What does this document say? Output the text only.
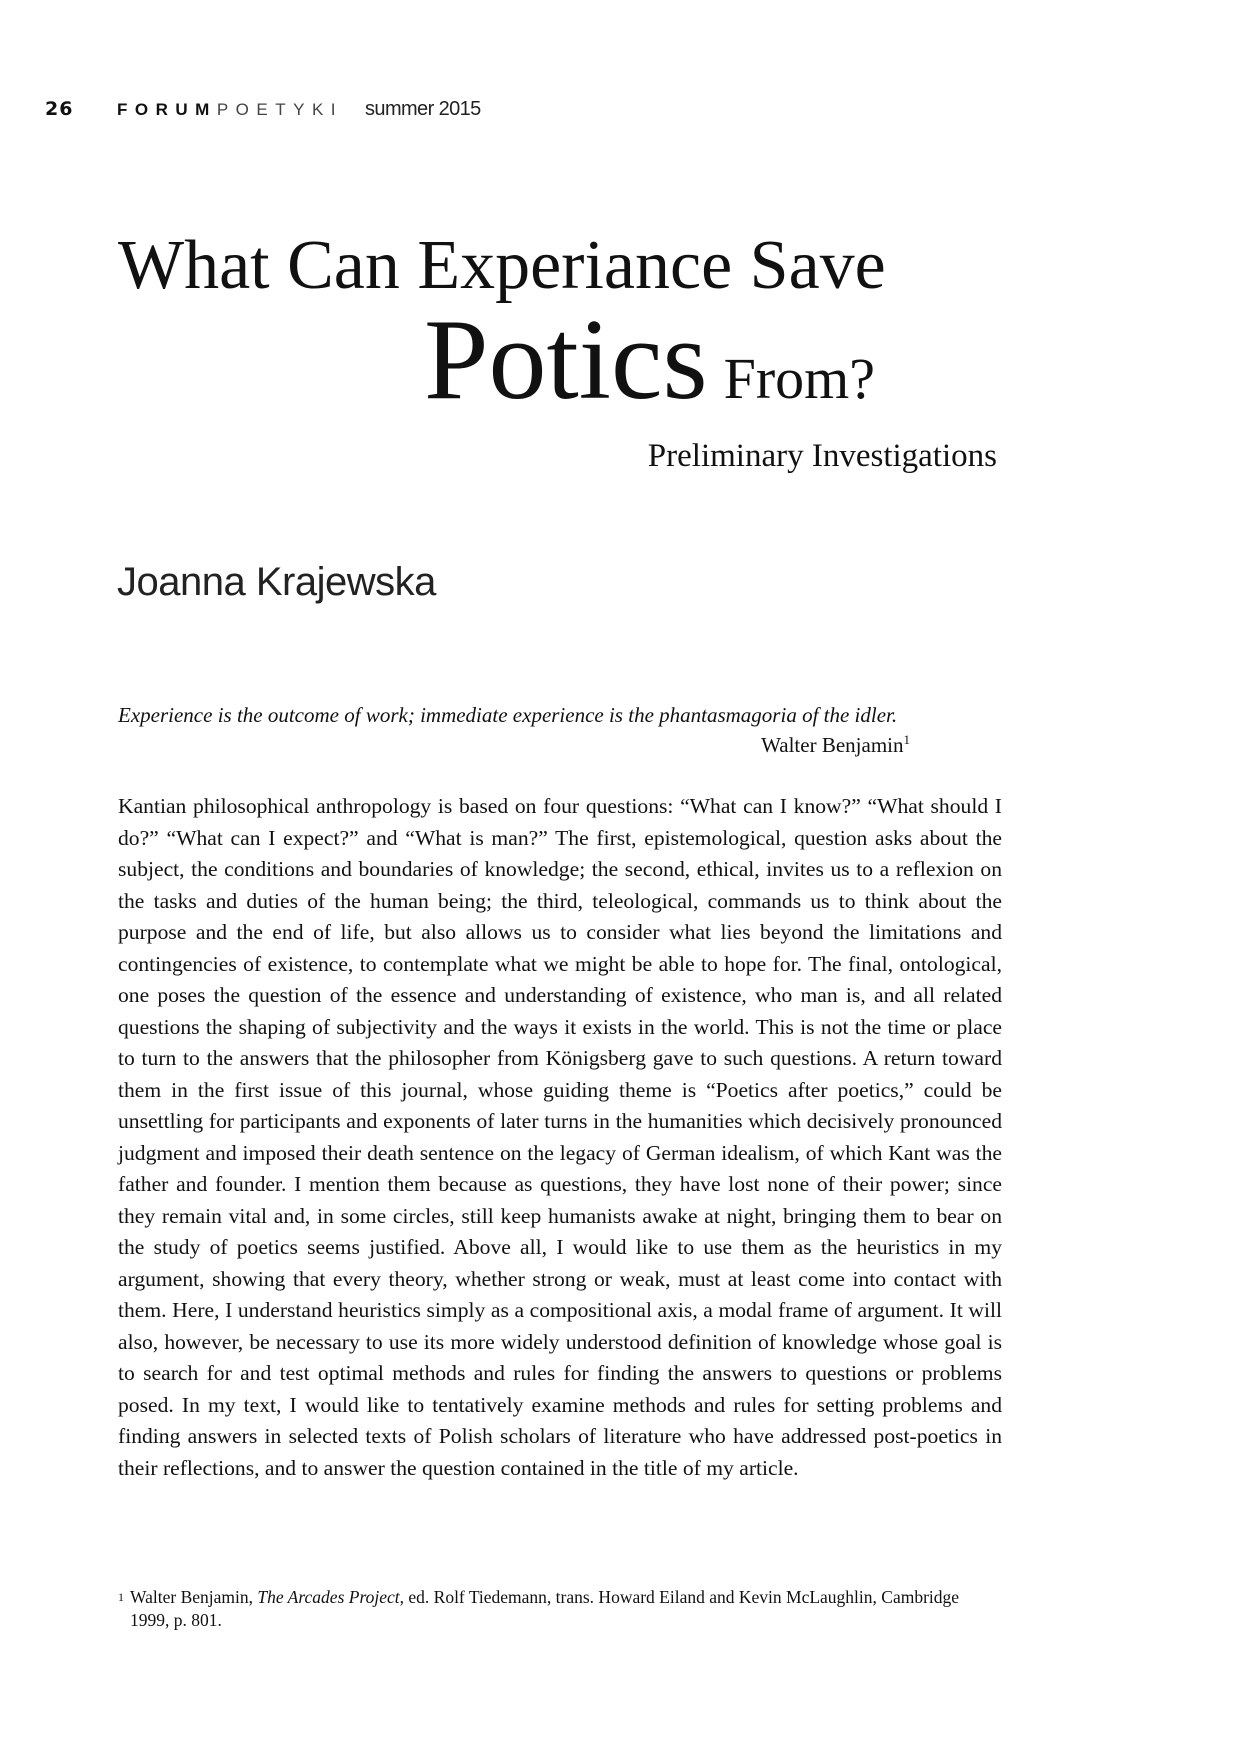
26	FORUM POETYKI summer 2015
What Can Experiance Save
Potics From?
Preliminary Investigations
Joanna Krajewska
Experience is the outcome of work; immediate experience is the phantasmagoria of the idler.
Walter Benjamin$^1$

Kantian philosophical anthropology is based on four questions: “What can I know?” “What should I do?” “What can I expect?” and “What is man?” The first, epistemological, question asks about the subject, the conditions and boundaries of knowledge; the second, ethical, invites us to a reflexion on the tasks and duties of the human being; the third, teleological, commands us to think about the purpose and the end of life, but also allows us to consider what lies beyond the limitations and contingencies of existence, to contemplate what we might be able to hope for. The final, ontological, one poses the question of the essence and understanding of existence, who man is, and all related questions the shaping of subjectivity and the ways it exists in the world. This is not the time or place to turn to the answers that the philosopher from Königsberg gave to such questions. A return toward them in the first issue of this journal, whose guiding theme is “Poetics after poetics,” could be unsettling for participants and exponents of later turns in the humanities which decisively pronounced judgment and imposed their death sentence on the legacy of German idealism, of which Kant was the father and founder. I mention them because as questions, they have lost none of their power; since they remain vital and, in some circles, still keep humanists awake at night, bringing them to bear on the study of poetics seems justified. Above all, I would like to use them as the heuristics in my argument, showing that every theory, whether strong or weak, must at least come into contact with them. Here, I understand heuristics simply as a compositional axis, a modal frame of argument. It will also, however, be necessary to use its more widely understood definition of knowledge whose goal is to search for and test optimal methods and rules for finding the answers to questions or problems posed. In my text, I would like to tentatively examine methods and rules for setting problems and finding answers in selected texts of Polish scholars of literature who have addressed post-poetics in their reflections, and to answer the question contained in the title of my article.

1 Walter Benjamin, The Arcades Project, ed. Rolf Tiedemann, trans. Howard Eiland and Kevin McLaughlin, Cambridge 1999, p. 801.
